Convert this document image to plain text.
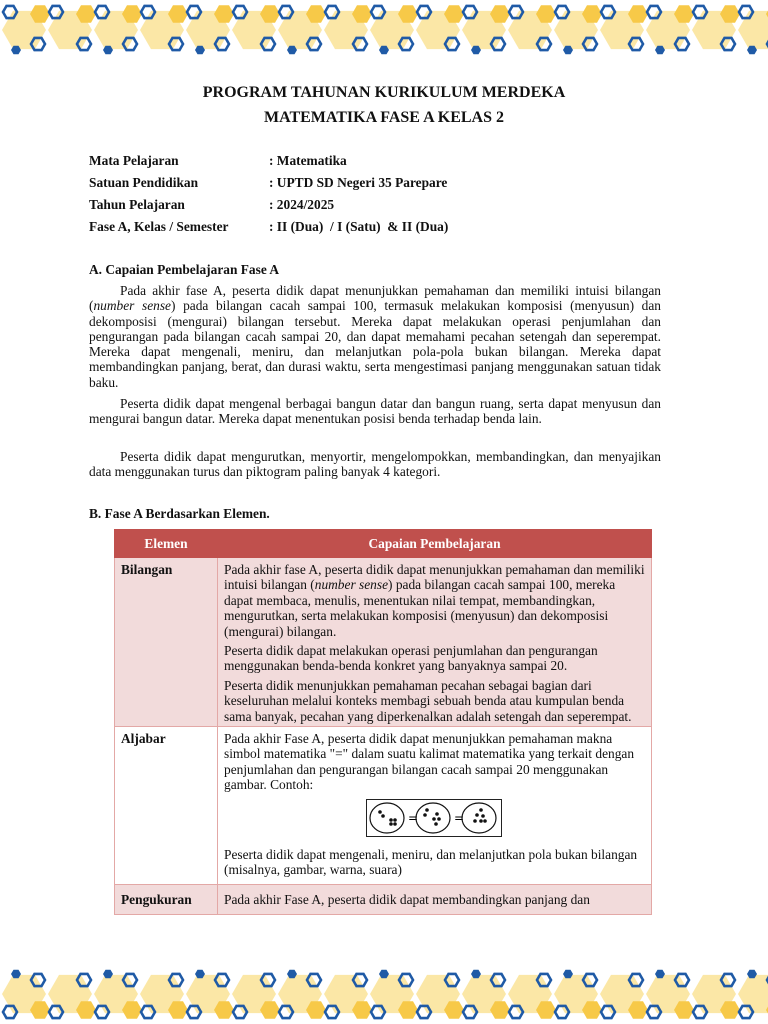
PROGRAM TAHUNAN KURIKULUM MERDEKA
MATEMATIKA FASE A KELAS 2
Mata Pelajaran	: Matematika
Satuan Pendidikan	: UPTD SD Negeri 35 Parepare
Tahun Pelajaran	: 2024/2025
Fase A, Kelas / Semester	: II (Dua)  / I (Satu)  & II (Dua)
A. Capaian Pembelajaran Fase A

Pada akhir fase A, peserta didik dapat menunjukkan pemahaman dan memiliki intuisi bilangan (number sense) pada bilangan cacah sampai 100, termasuk melakukan komposisi (menyusun) dan dekomposisi (mengurai) bilangan tersebut. Mereka dapat melakukan operasi penjumlahan dan pengurangan pada bilangan cacah sampai 20, dan dapat memahami pecahan setengah dan seperempat. Mereka dapat mengenali, meniru, dan melanjutkan pola-pola bukan bilangan. Mereka dapat membandingkan panjang, berat, dan durasi waktu, serta mengestimasi panjang menggunakan satuan tidak baku.

Peserta didik dapat mengenal berbagai bangun datar dan bangun ruang, serta dapat menyusun dan mengurai bangun datar. Mereka dapat menentukan posisi benda terhadap benda lain.

Peserta didik dapat mengurutkan, menyortir, mengelompokkan, membandingkan, dan menyajikan data menggunakan turus dan piktogram paling banyak 4 kategori.

B. Fase A Berdasarkan Elemen.
Elemen	Capaian Pembelajaran
Bilangan	Pada akhir fase A, peserta didik dapat menunjukkan pemahaman dan memiliki intuisi bilangan (number sense) pada bilangan cacah sampai 100, mereka dapat membaca, menulis, menentukan nilai tempat, membandingkan, mengurutkan, serta melakukan komposisi (menyusun) dan dekomposisi (mengurai) bilangan.

Peserta didik dapat melakukan operasi penjumlahan dan pengurangan menggunakan benda-benda konkret yang banyaknya sampai 20.

Peserta didik menunjukkan pemahaman pecahan sebagai bagian dari keseluruhan melalui konteks membagi sebuah benda atau kumpulan benda sama banyak, pecahan yang diperkenalkan adalah setengah dan seperempat.

Aljabar	Pada akhir Fase A, peserta didik dapat menunjukkan pemahaman makna simbol matematika "=" dalam suatu kalimat matematika yang terkait dengan penjumlahan dan pengurangan bilangan cacah sampai 20 menggunakan gambar. Contoh:

= =

Peserta didik dapat mengenali, meniru, dan melanjutkan pola bukan bilangan (misalnya, gambar, warna, suara)

Pengukuran	Pada akhir Fase A, peserta didik dapat membandingkan panjang dan
